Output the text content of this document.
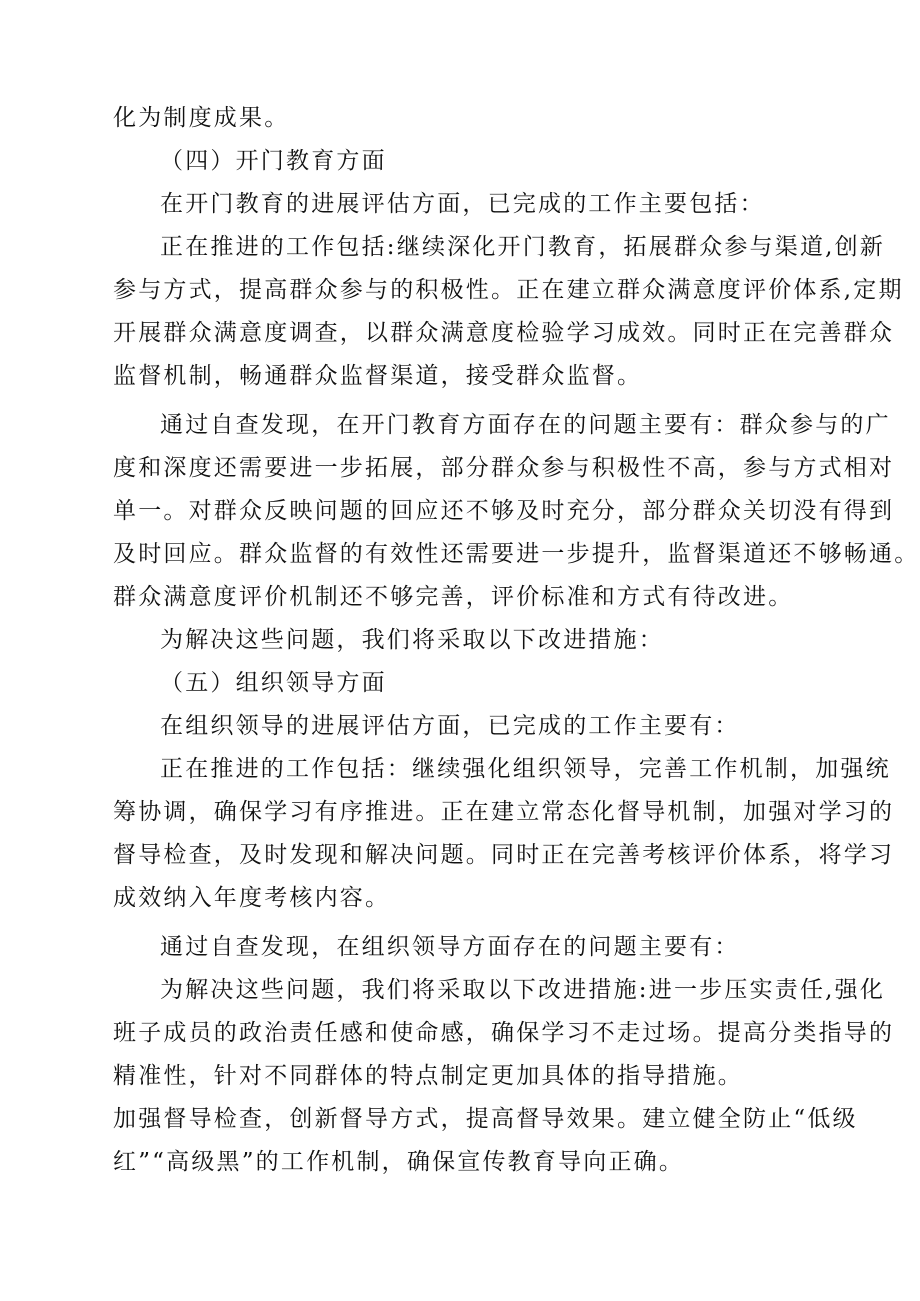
化为制度成果。
（四）开门教育方面
在开门教育的进展评估方面，已完成的工作主要包括：
正在推进的工作包括:继续深化开门教育，拓展群众参与渠道,创新
参与方式，提高群众参与的积极性。正在建立群众满意度评价体系,定期
开展群众满意度调查，以群众满意度检验学习成效。同时正在完善群众
监督机制，畅通群众监督渠道，接受群众监督。
通过自查发现，在开门教育方面存在的问题主要有：群众参与的广
度和深度还需要进一步拓展，部分群众参与积极性不高，参与方式相对
单一。对群众反映问题的回应还不够及时充分，部分群众关切没有得到
及时回应。群众监督的有效性还需要进一步提升，监督渠道还不够畅通。
群众满意度评价机制还不够完善，评价标准和方式有待改进。
为解决这些问题，我们将采取以下改进措施：
（五）组织领导方面
在组织领导的进展评估方面，已完成的工作主要有：
正在推进的工作包括：继续强化组织领导，完善工作机制，加强统
筹协调，确保学习有序推进。正在建立常态化督导机制，加强对学习的
督导检查，及时发现和解决问题。同时正在完善考核评价体系，将学习
成效纳入年度考核内容。
通过自查发现，在组织领导方面存在的问题主要有：
为解决这些问题，我们将采取以下改进措施:进一步压实责任,强化
班子成员的政治责任感和使命感，确保学习不走过场。提高分类指导的
精准性，针对不同群体的特点制定更加具体的指导措施。
加强督导检查，创新督导方式，提高督导效果。建立健全防止“低级
红”“高级黑”的工作机制，确保宣传教育导向正确。
